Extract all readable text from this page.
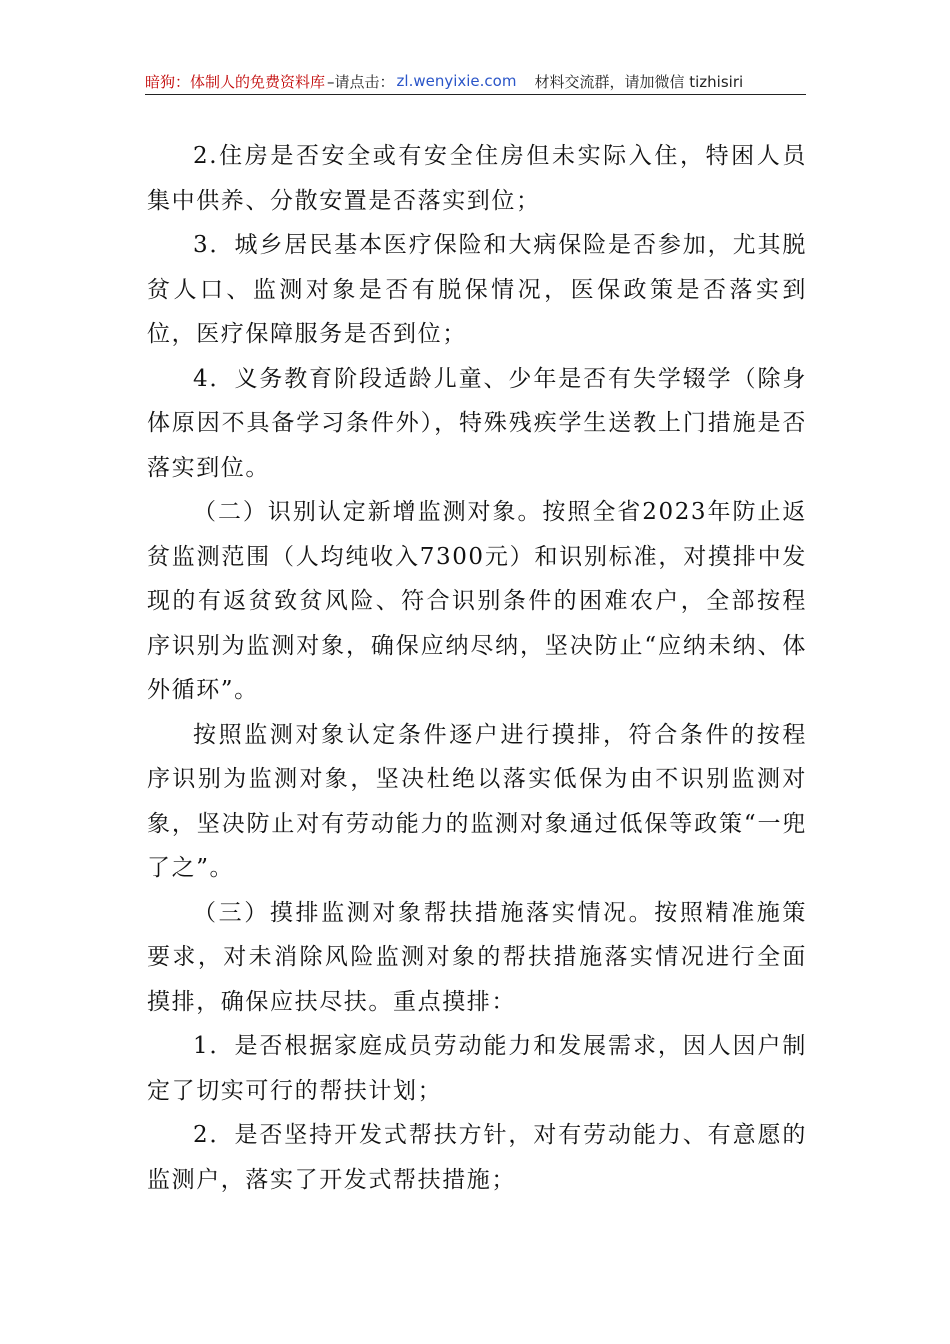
暗狗：体制人的免费资料库 –请点击： zl.wenyixie.com 材料交流群，请加微信 tizhisiri

2.住房是否安全或有安全住房但未实际入住，特困人员集中供养、分散安置是否落实到位；

3．城乡居民基本医疗保险和大病保险是否参加，尤其脱贫人口、监测对象是否有脱保情况，医保政策是否落实到位，医疗保障服务是否到位；

4．义务教育阶段适龄儿童、少年是否有失学辍学（除身体原因不具备学习条件外），特殊残疾学生送教上门措施是否落实到位。

（二）识别认定新增监测对象。按照全省2023年防止返贫监测范围（人均纯收入7300元）和识别标准，对摸排中发现的有返贫致贫风险、符合识别条件的困难农户，全部按程序识别为监测对象，确保应纳尽纳，坚决防止“应纳未纳、体外循环”。

按照监测对象认定条件逐户进行摸排，符合条件的按程序识别为监测对象，坚决杜绝以落实低保为由不识别监测对象，坚决防止对有劳动能力的监测对象通过低保等政策“一兜了之”。

（三）摸排监测对象帮扶措施落实情况。按照精准施策要求，对未消除风险监测对象的帮扶措施落实情况进行全面摸排，确保应扶尽扶。重点摸排：

1．是否根据家庭成员劳动能力和发展需求，因人因户制定了切实可行的帮扶计划；

2．是否坚持开发式帮扶方针，对有劳动能力、有意愿的监测户，落实了开发式帮扶措施；
